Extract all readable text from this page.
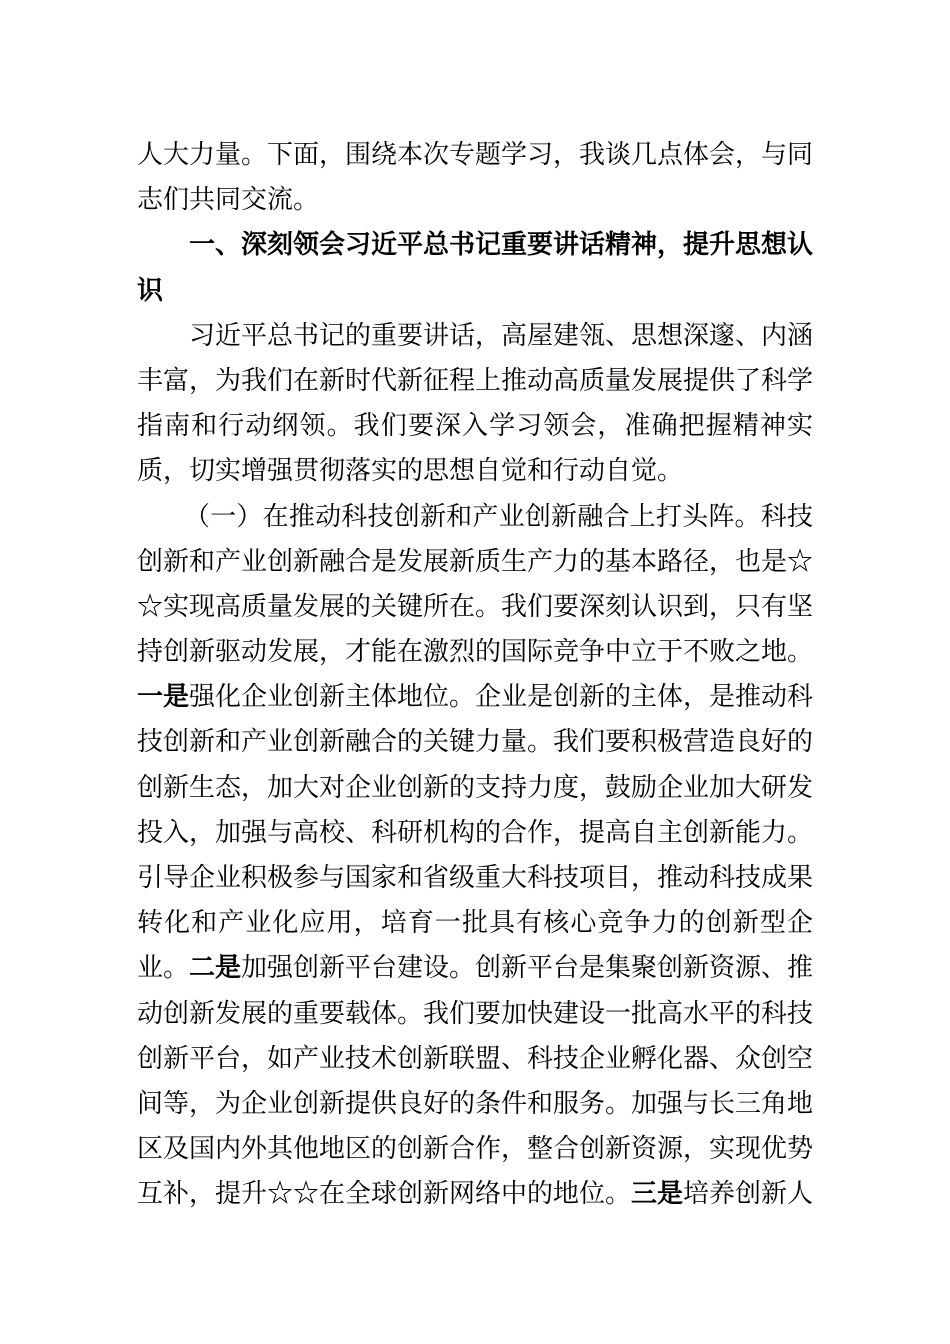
人大力量。下面，围绕本次专题学习，我谈几点体会，与同
志们共同交流。
一、深刻领会习近平总书记重要讲话精神，提升思想认
识
习近平总书记的重要讲话，高屋建瓴、思想深邃、内涵
丰富，为我们在新时代新征程上推动高质量发展提供了科学
指南和行动纲领。我们要深入学习领会，准确把握精神实
质，切实增强贯彻落实的思想自觉和行动自觉。
（一）在推动科技创新和产业创新融合上打头阵。科技
创新和产业创新融合是发展新质生产力的基本路径，也是☆
☆实现高质量发展的关键所在。我们要深刻认识到，只有坚
持创新驱动发展，才能在激烈的国际竞争中立于不败之地。
一是强化企业创新主体地位。企业是创新的主体，是推动科
技创新和产业创新融合的关键力量。我们要积极营造良好的
创新生态，加大对企业创新的支持力度，鼓励企业加大研发
投入，加强与高校、科研机构的合作，提高自主创新能力。
引导企业积极参与国家和省级重大科技项目，推动科技成果
转化和产业化应用，培育一批具有核心竞争力的创新型企
业。二是加强创新平台建设。创新平台是集聚创新资源、推
动创新发展的重要载体。我们要加快建设一批高水平的科技
创新平台，如产业技术创新联盟、科技企业孵化器、众创空
间等，为企业创新提供良好的条件和服务。加强与长三角地
区及国内外其他地区的创新合作，整合创新资源，实现优势
互补，提升☆☆在全球创新网络中的地位。三是培养创新人
